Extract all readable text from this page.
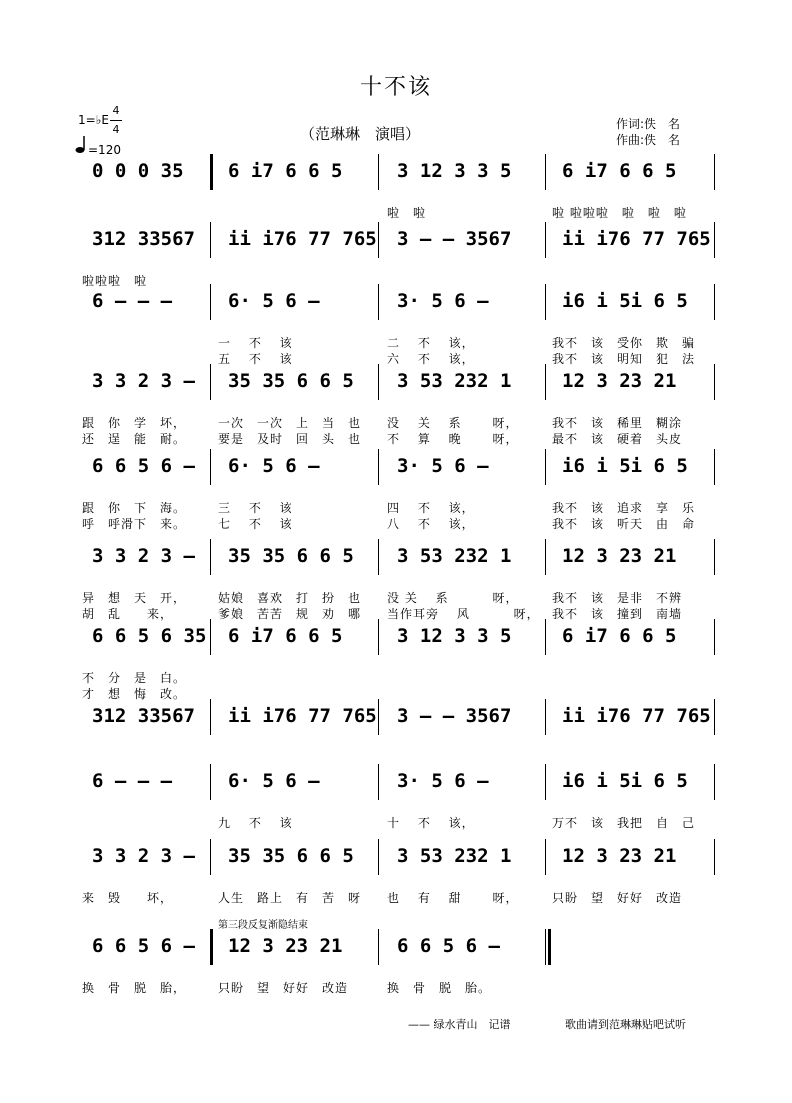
十不该
（范琳琳　演唱）
作词:佚　名
作曲:佚　名
1=♭E
4
4
=120
0 0 0 35 6 i7 6 6 5	3 12 3 3 5
啦　啦
6 i7 6 6 5
啦 啦啦啦　啦　啦　啦
312 33567
啦啦啦　啦
ii i76 77 765 3 – – 3567	ii i76 77 765
6 – – –	6· 5 6 –
一　 不　 该
五　 不　 该
3· 5 6 –
二　 不　 该，
六　 不　 该，
i6 i 5i 6 5
我不　该　受你　欺　骗
我不　该　明知　犯　法
3 3 2 3 –
跟　你　学　坏，
还　逞　能　耐。
35 35 6 6 5
一次　一次　上　当　也
要是　及时　回　头　也
3 53 232 1
没　 关　 系　　 呀，
不　 算　 晚　　 呀，
12 3 23 21
我不　该　稀里　糊涂
最不　该　硬着　头皮
6 6 5 6 –
跟　你　下　海。
呼　呼滑下　来。
6· 5 6 –
三　 不　 该
七　 不　 该
3· 5 6 –
四　 不　 该，
八　 不　 该，
i6 i 5i 6 5
我不　该　追求　享　乐
我不　该　听天　由　命
3 3 2 3 –
异　想　天　开，
胡　乱　　来，
35 35 6 6 5
姑娘　喜欢　打　扮　也
爹娘　苦苦　规　劝　哪
3 53 232 1
没 关　 系　　　 呀，
当作耳旁　 风　　　 呀，
12 3 23 21
我不　该　是非　不辨
我不　该　撞到　南墙
6 6 5 6 35
不　分　是　白。
才　想　悔　改。
6 i7 6 6 5	3 12 3 3 5	6 i7 6 6 5
312 33567 ii i76 77 765 3 – – 3567	ii i76 77 765
6 – – –	6· 5 6 –
九　 不　 该
3· 5 6 –
十　 不　 该，
i6 i 5i 6 5
万不　该　我把　自　己
3 3 2 3 –
来　毁　　坏，
35 35 6 6 5
人生　路上　有　苦　呀
3 53 232 1
也　 有　 甜　　 呀，
12 3 23 21
只盼　望　好好　改造
6 6 5 6 –
换　骨　脱　胎，
12 3 23 21
只盼　望　好好　改造
6 6 5 6 –
换　骨　脱　胎。
第三段反复渐隐结束
—— 绿水青山　记谱	歌曲请到范琳琳贴吧试听
